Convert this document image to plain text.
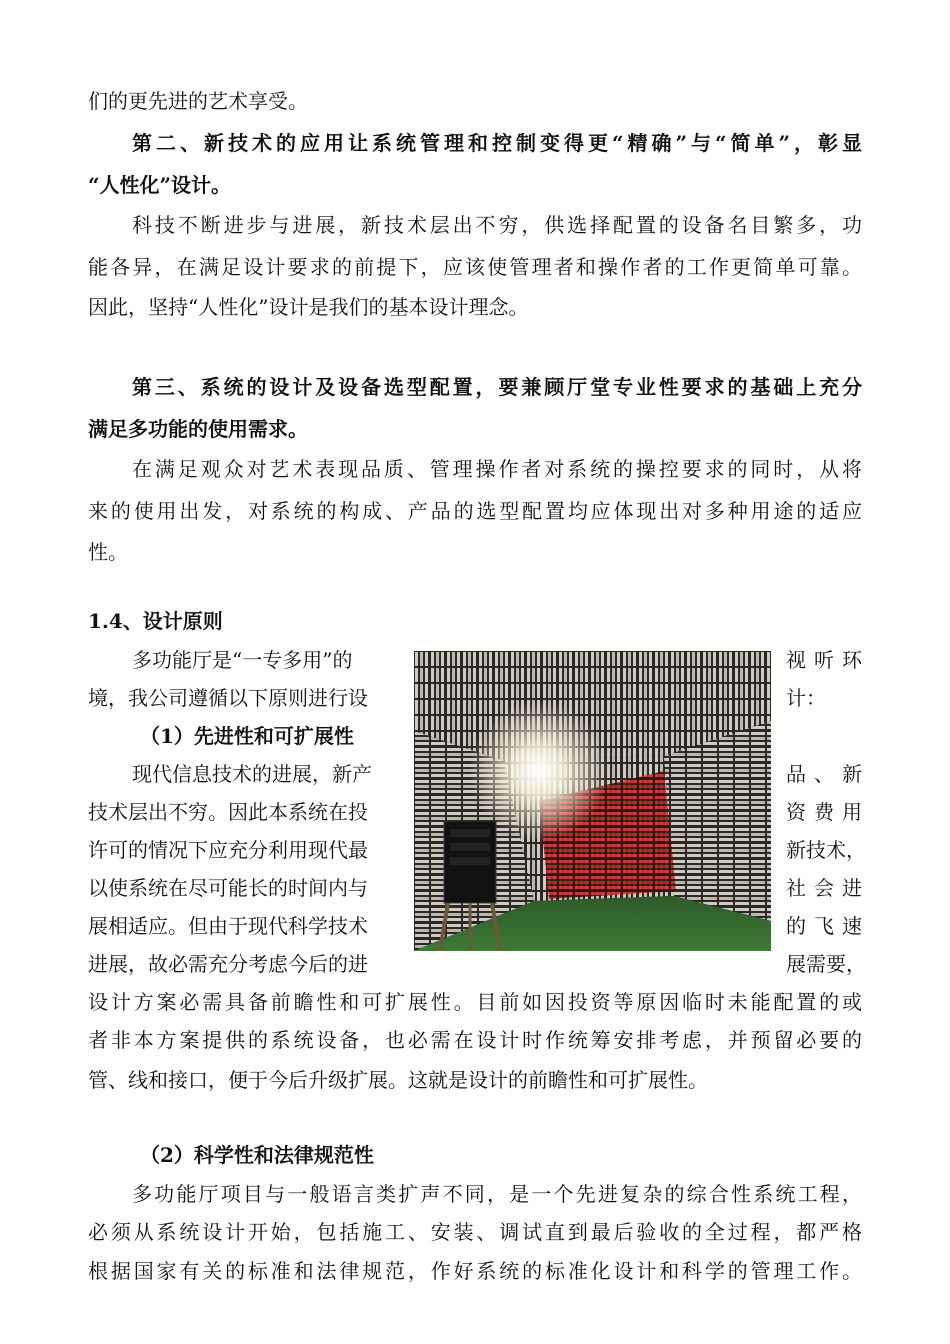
们的更先进的艺术享受。
第二、新技术的应用让系统管理和控制变得更“精确”与“简单”，彰显
“人性化”设计。
科技不断进步与进展，新技术层出不穷，供选择配置的设备名目繁多，功
能各异，在满足设计要求的前提下，应该使管理者和操作者的工作更简单可靠。
因此，坚持“人性化”设计是我们的基本设计理念。
第三、系统的设计及设备选型配置，要兼顾厅堂专业性要求的基础上充分
满足多功能的使用需求。
在满足观众对艺术表现品质、管理操作者对系统的操控要求的同时，从将
来的使用出发，对系统的构成、产品的选型配置均应体现出对多种用途的适应
性。
1.4、设计原则
多功能厅是“一专多用”的
境，我公司遵循以下原则进行设
（1）先进性和可扩展性
现代信息技术的进展，新产
技术层出不穷。因此本系统在投
许可的情况下应充分利用现代最
以使系统在尽可能长的时间内与
展相适应。但由于现代科学技术
进展，故必需充分考虑今后的进
视听环
计：
品、新
资费用
新技术，
社会进
的飞速
展需要，
设计方案必需具备前瞻性和可扩展性。目前如因投资等原因临时未能配置的或
者非本方案提供的系统设备，也必需在设计时作统筹安排考虑，并预留必要的
管、线和接口，便于今后升级扩展。这就是设计的前瞻性和可扩展性。
（2）科学性和法律规范性
多功能厅项目与一般语言类扩声不同，是一个先进复杂的综合性系统工程，
必须从系统设计开始，包括施工、安装、调试直到最后验收的全过程，都严格
根据国家有关的标准和法律规范，作好系统的标准化设计和科学的管理工作。
